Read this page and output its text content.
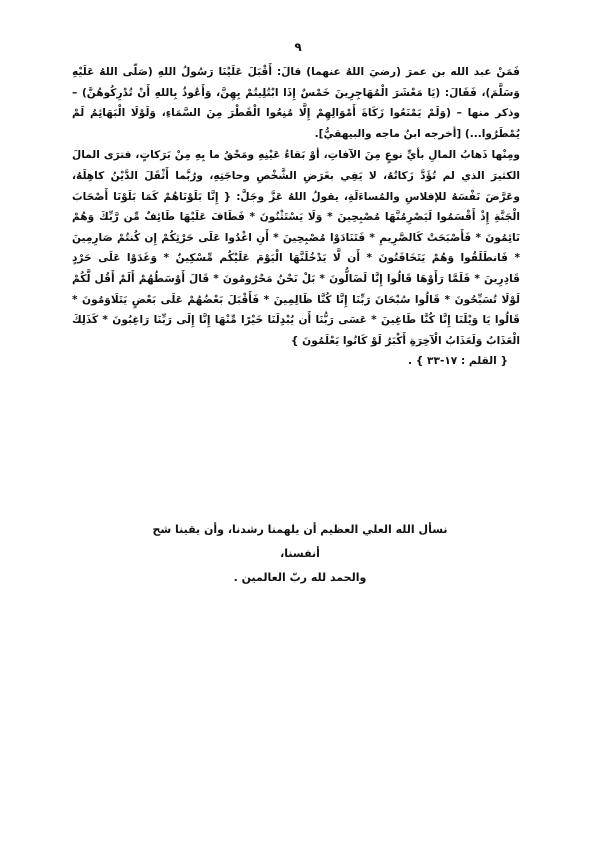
٩

فَمَنْ عبد الله بن عمرَ (رضيَ اللهُ عنهما) قالَ: أَقْبَلَ عَلَيْنَا رَسُولُ اللهِ (صَلّى اللهُ عَلَيْهِ وَسَلَّمَ)، فَقَالَ: (يَا مَعْشَرَ الْمُهَاجِرِينَ خَمْسٌ إِذَا ابْتُلِيتُمْ بِهِنَّ، وَأَعُوذُ بِاللهِ أَنْ تُدْرِكُوهُنَّ) – وذكر منها – (وَلَمْ يَمْنَعُوا زَكَاةَ أَمْوَالِهِمْ إِلَّا مُنِعُوا الْقَطْرَ مِنَ السَّمَاءِ، وَلَوْلَا الْبَهَائِمُ لَمْ يُمْطَرُوا...) [أخرجه ابنُ ماجه والبيهقيُّ].

ومِنْها ذَهابُ المالِ بأيِّ نوعٍ مِنَ الآفاتِ، أوْ بَقاءُ عَيْنِهِ ومَحْقُ ما بِهِ مِنْ بَرَكاتٍ، فترَى المالَ الكثيرَ الذي لم تُؤَدَّ زَكاتُهُ، لا يَفِي بغَرَضِ الشَّخْصِ وحاجَتِهِ، ورُبَّما أَثْقَلَ الدَّيْنُ كاهِلَهُ، وعَرَّضَ نَفْسَهُ للإفلاسِ والمُساءَلَةِ، يقولُ اللهُ عَزَّ وجَلَّ: { إِنَّا بَلَوْنَاهُمْ كَمَا بَلَوْنَا أَصْحَابَ الْجَنَّةِ إِذْ أَقْسَمُوا لَيَصْرِمُنَّهَا مُصْبِحِينَ * وَلَا يَسْتَثْنُونَ * فَطَافَ عَلَيْهَا طَائِفٌ مِّن رَّبِّكَ وَهُمْ نَائِمُونَ * فَأَصْبَحَتْ كَالصَّرِيمِ * فَتَنَادَوْا مُصْبِحِينَ * أَنِ اغْدُوا عَلَى حَرْثِكُمْ إِن كُنتُمْ صَارِمِينَ * فَانطَلَقُوا وَهُمْ يَتَخَافَتُونَ * أَن لَّا يَدْخُلَنَّهَا الْيَوْمَ عَلَيْكُم مِّسْكِينٌ * وَغَدَوْا عَلَى حَرْدٍ قَادِرِينَ * فَلَمَّا رَأَوْهَا قَالُوا إِنَّا لَضَالُّونَ * بَلْ نَحْنُ مَحْرُومُونَ * قَالَ أَوْسَطُهُمْ أَلَمْ أَقُل لَّكُمْ لَوْلَا تُسَبِّحُونَ * قَالُوا سُبْحَانَ رَبِّنَا إِنَّا كُنَّا ظَالِمِينَ * فَأَقْبَلَ بَعْضُهُمْ عَلَى بَعْضٍ يَتَلَاوَمُونَ * قَالُوا يَا وَيْلَنَا إِنَّا كُنَّا طَاغِينَ * عَسَى رَبُّنَا أَن يُبْدِلَنَا خَيْرًا مِّنْهَا إِنَّا إِلَى رَبِّنَا رَاغِبُونَ * كَذَلِكَ الْعَذَابُ وَلَعَذَابُ الْآخِرَةِ أَكْبَرُ لَوْ كَانُوا يَعْلَمُونَ }

{ القلم : ١٧-٣٣ } .

نسأل الله العلي العظيم أن يلهمنا رشدنا، وأن يقينا شح أنفسنا،

والحمد لله ربّ العالمين .
